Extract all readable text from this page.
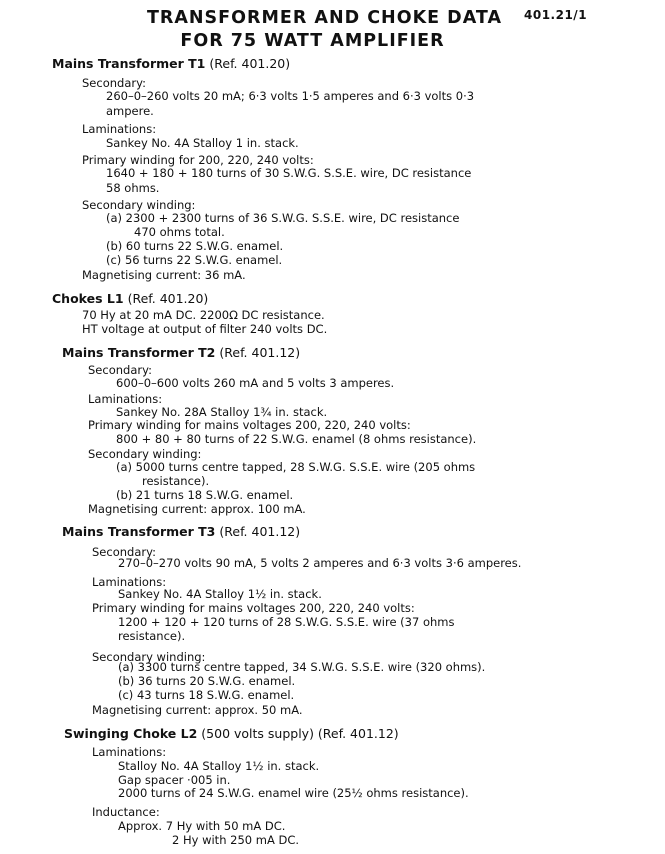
401.21/1
TRANSFORMER AND CHOKE DATA
FOR 75 WATT AMPLIFIER
Mains Transformer T1 (Ref. 401.20)
Secondary:
260–0–260 volts 20 mA; 6·3 volts 1·5 amperes and 6·3 volts 0·3
ampere.
Laminations:
Sankey No. 4A Stalloy 1 in. stack.
Primary winding for 200, 220, 240 volts:
1640 + 180 + 180 turns of 30 S.W.G. S.S.E. wire, DC resistance
58 ohms.
Secondary winding:
(a) 2300 + 2300 turns of 36 S.W.G. S.S.E. wire, DC resistance
470 ohms total.
(b) 60 turns 22 S.W.G. enamel.
(c) 56 turns 22 S.W.G. enamel.
Magnetising current: 36 mA.
Chokes L1 (Ref. 401.20)
70 Hy at 20 mA DC. 2200Ω DC resistance.
HT voltage at output of filter 240 volts DC.
Mains Transformer T2 (Ref. 401.12)
Secondary:
600–0–600 volts 260 mA and 5 volts 3 amperes.
Laminations:
Sankey No. 28A Stalloy 1¾ in. stack.
Primary winding for mains voltages 200, 220, 240 volts:
800 + 80 + 80 turns of 22 S.W.G. enamel (8 ohms resistance).
Secondary winding:
(a) 5000 turns centre tapped, 28 S.W.G. S.S.E. wire (205 ohms
resistance).
(b) 21 turns 18 S.W.G. enamel.
Magnetising current: approx. 100 mA.
Mains Transformer T3 (Ref. 401.12)
Secondary:
270–0–270 volts 90 mA, 5 volts 2 amperes and 6·3 volts 3·6 amperes.
Laminations:
Sankey No. 4A Stalloy 1½ in. stack.
Primary winding for mains voltages 200, 220, 240 volts:
1200 + 120 + 120 turns of 28 S.W.G. S.S.E. wire (37 ohms
resistance).
Secondary winding:
(a) 3300 turns centre tapped, 34 S.W.G. S.S.E. wire (320 ohms).
(b) 36 turns 20 S.W.G. enamel.
(c) 43 turns 18 S.W.G. enamel.
Magnetising current: approx. 50 mA.
Swinging Choke L2 (500 volts supply) (Ref. 401.12)
Laminations:
Stalloy No. 4A Stalloy 1½ in. stack.
Gap spacer ·005 in.
2000 turns of 24 S.W.G. enamel wire (25½ ohms resistance).
Inductance:
Approx. 7 Hy with 50 mA DC.
2 Hy with 250 mA DC.
